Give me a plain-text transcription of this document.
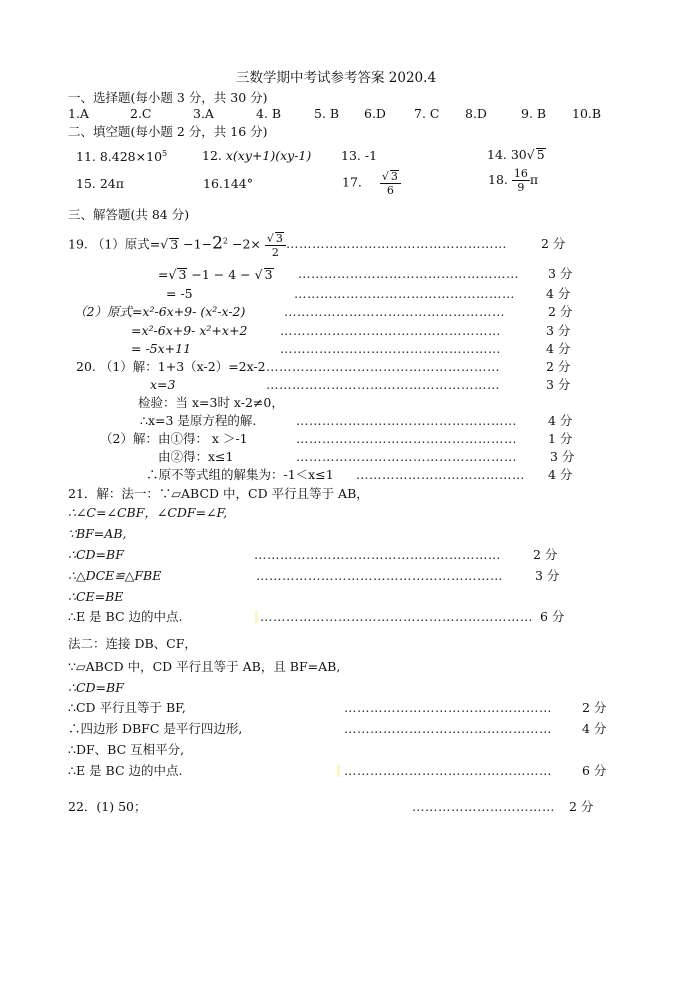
三数学期中考试参考答案 2020.4
一、选择题(每小题 3 分，共 30 分)
1.A	2.C	3.A	4. B	5. B 6.D 7. C 8.D	9. B 10.B
二、填空题(每小题 2 分，共 16 分)
11. $8.428\times 10^5$	12. x(xy+1)(xy-1) 13. -1	14. 30√ 5
15. 24π	16.144°	17. $\frac{√ 3}{6}$	18. $\frac{16}{9}$ π
三、解答题(共 84 分)
19. （1）原式=√ $3 -1-2^2 -2\times \frac{√ 3}{2}$ ……………………………………………	2 分
=√ 3 −1 − 4 − √ 3 …………………………………………… 3 分
= -5	…………………………………………… 4 分
（2）原式=x²-6x+9- (x²-x-2)	……………………………………………	2 分
=x²-6x+9- x²+x+2	……………………………………………	3 分
= -5x+11	……………………………………………	4 分
20. （1）解：1+3（x-2）=2x-2 ………………………………………………	2 分
x=3	………………………………………………	3 分
检验：当 x=3时 x-2≠0，
∴x=3 是原方程的解.	…………………………………………… 4 分
（2）解：由①得： x ＞-1	…………………………………………… 1 分
由②得：x≤1	……………………………………………	3 分
∴原不等式组的解集为：-1＜x≤1 ………………………………… 4 分
21．解：法一：∵▱ABCD 中，CD 平行且等于 AB，
∴∠C=∠CBF，∠CDF=∠F,
∵BF=AB,
∴CD=BF	…………………………………………………	2 分
∴△DCE≌△FBE	…………………………………………………	3 分
∴CE=BE
∴E 是 BC 边的中点.	……………………………………………………… 6 分
法二：连接 DB、CF，
∵▱ABCD 中，CD 平行且等于 AB，且 BF=AB,
∴CD=BF
∴CD 平行且等于 BF,	………………………………………… 2 分
∴四边形 DBFC 是平行四边形,	………………………………………… 4 分
∴DF、BC 互相平分,
∴E 是 BC 边的中点.	………………………………………… 6 分
22．(1) 50；	…………………………… 2 分
